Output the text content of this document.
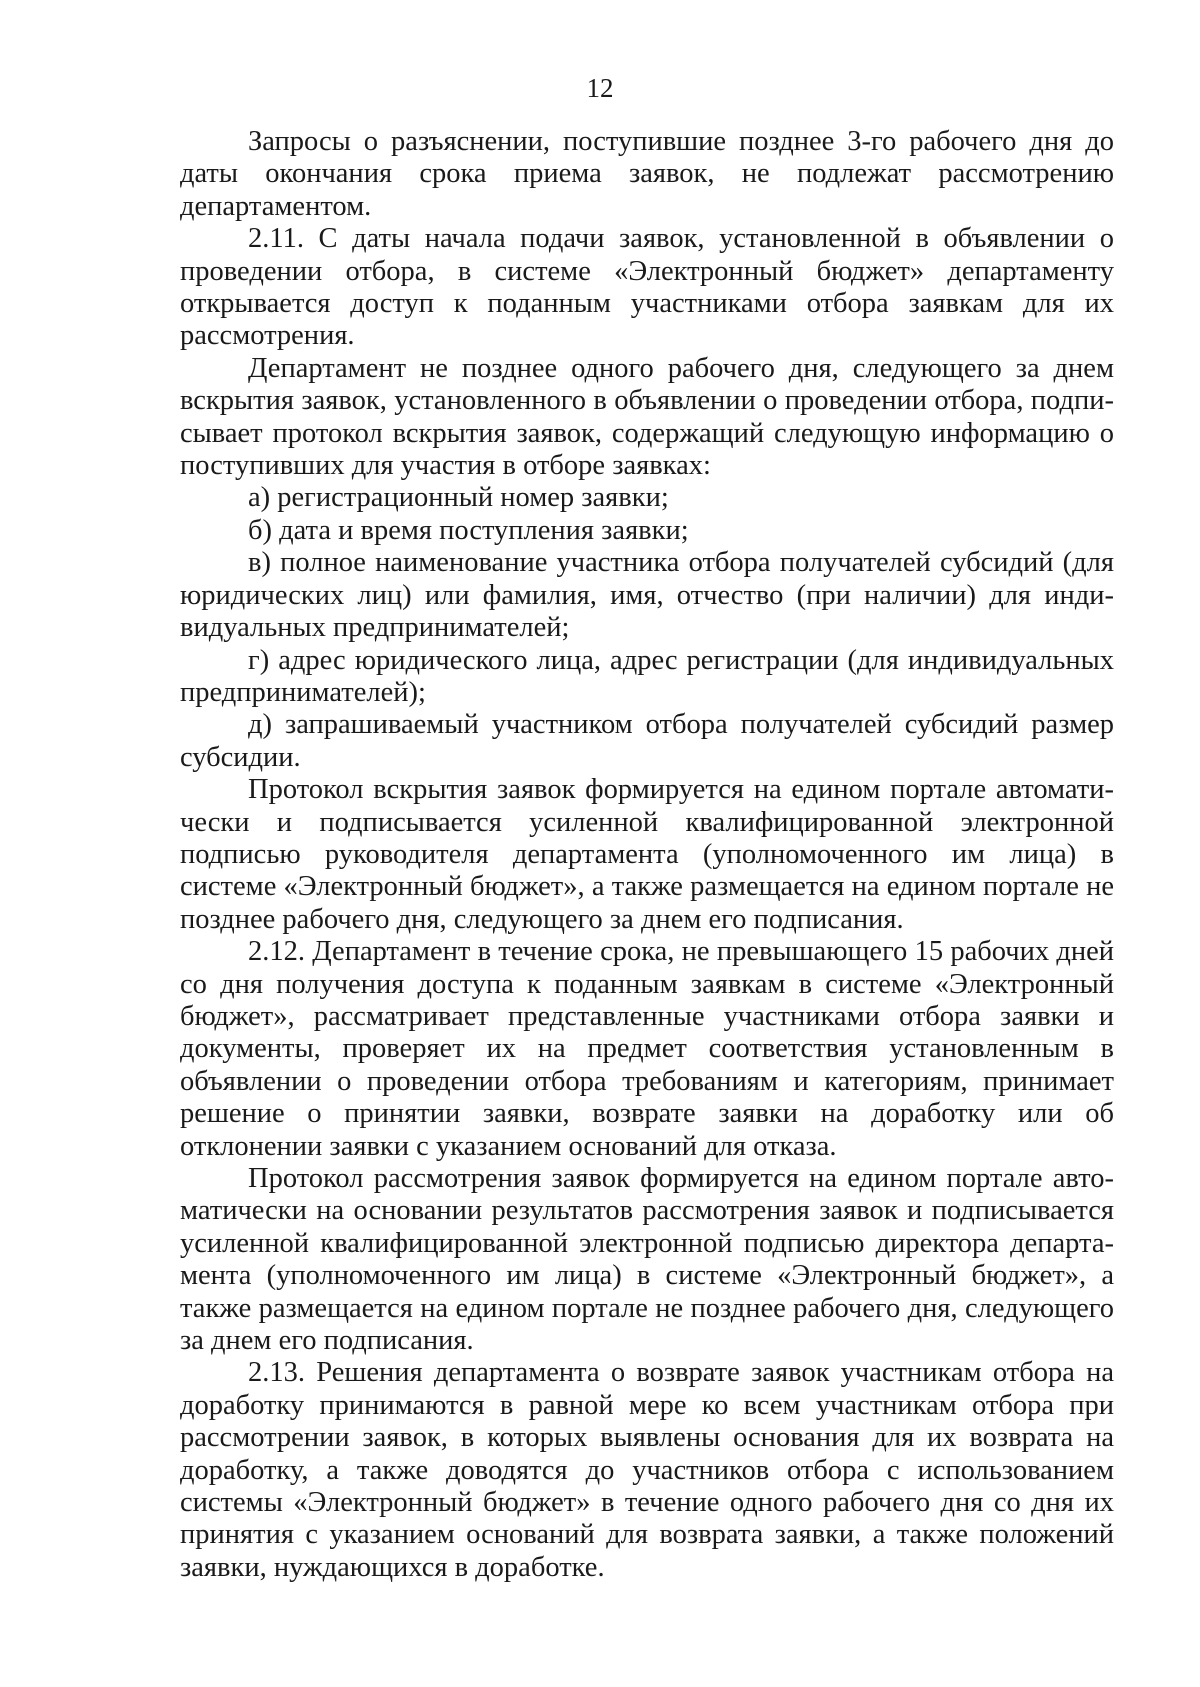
12

Запросы о разъяснении, поступившие позднее 3-го рабочего дня до даты окончания срока приема заявок, не подлежат рассмотрению департаментом.

2.11. С даты начала подачи заявок, установленной в объявлении о проведении отбора, в системе «Электронный бюджет» департаменту открывается доступ к поданным участниками отбора заявкам для их рассмотрения.

Департамент не позднее одного рабочего дня, следующего за днем вскрытия заявок, установленного в объявлении о проведении отбора, подписывает протокол вскрытия заявок, содержащий следующую информацию о поступивших для участия в отборе заявках:

а) регистрационный номер заявки;

б) дата и время поступления заявки;

в) полное наименование участника отбора получателей субсидий (для юридических лиц) или фамилия, имя, отчество (при наличии) для индивидуальных предпринимателей;

г) адрес юридического лица, адрес регистрации (для индивидуальных предпринимателей);

д) запрашиваемый участником отбора получателей субсидий размер субсидии.

Протокол вскрытия заявок формируется на едином портале автоматически и подписывается усиленной квалифицированной электронной подписью руководителя департамента (уполномоченного им лица) в системе «Электронный бюджет», а также размещается на едином портале не позднее рабочего дня, следующего за днем его подписания.

2.12. Департамент в течение срока, не превышающего 15 рабочих дней со дня получения доступа к поданным заявкам в системе «Электронный бюджет», рассматривает представленные участниками отбора заявки и документы, проверяет их на предмет соответствия установленным в объявлении о проведении отбора требованиям и категориям, принимает решение о принятии заявки, возврате заявки на доработку или об отклонении заявки с указанием оснований для отказа.

Протокол рассмотрения заявок формируется на едином портале автоматически на основании результатов рассмотрения заявок и подписывается усиленной квалифицированной электронной подписью директора департамента (уполномоченного им лица) в системе «Электронный бюджет», а также размещается на едином портале не позднее рабочего дня, следующего за днем его подписания.

2.13. Решения департамента о возврате заявок участникам отбора на доработку принимаются в равной мере ко всем участникам отбора при рассмотрении заявок, в которых выявлены основания для их возврата на доработку, а также доводятся до участников отбора с использованием системы «Электронный бюджет» в течение одного рабочего дня со дня их принятия с указанием оснований для возврата заявки, а также положений заявки, нуждающихся в доработке.
